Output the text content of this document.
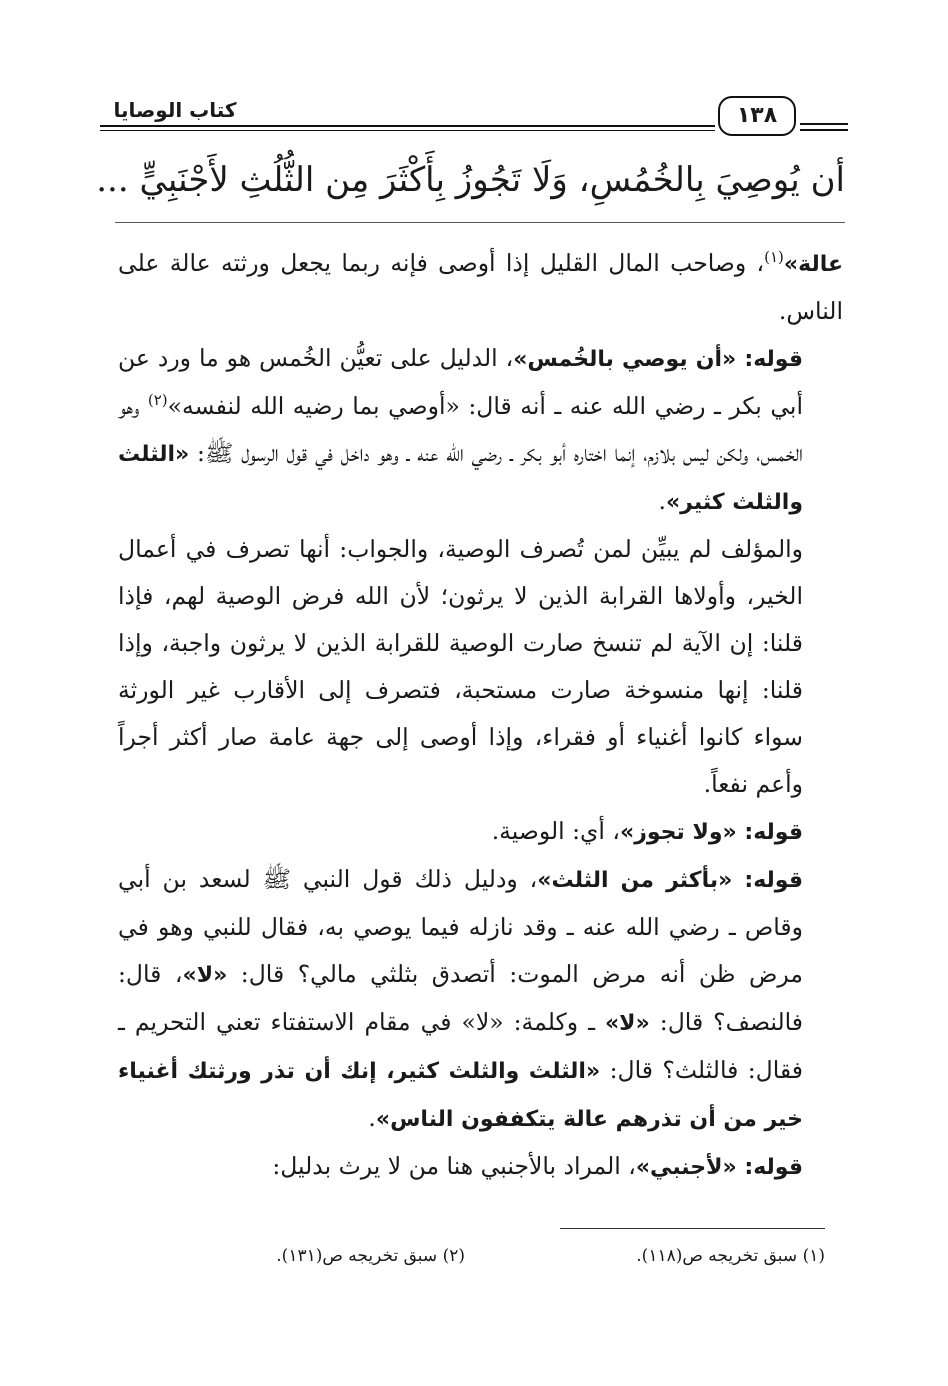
كتاب الوصايا	١٣٨
أن يُوصِيَ بِالخُمُسِ، وَلَا تَجُوزُ بِأَكْثَرَ مِن الثُّلُثِ لأَجْنَبِيٍّ ...

عالة»$^{(١)}$، وصاحب المال القليل إذا أوصى فإنه ربما يجعل ورثته عالة على الناس.

قوله: «أن يوصي بالخُمس»، الدليل على تعيُّن الخُمس هو ما ورد عن أبي بكر ـ رضي الله عنه ـ أنه قال: «أوصي بما رضيه الله لنفسه»$^{(٢)}$ وهو الخمس، ولكن ليس بلازم، إنما اختاره أبو بكر ـ رضي الله عنه ـ وهو داخل في قول الرسول ﷺ: «الثلث والثلث كثير».

والمؤلف لم يبيِّن لمن تُصرف الوصية، والجواب: أنها تصرف في أعمال الخير، وأولاها القرابة الذين لا يرثون؛ لأن الله فرض الوصية لهم، فإذا قلنا: إن الآية لم تنسخ صارت الوصية للقرابة الذين لا يرثون واجبة، وإذا قلنا: إنها منسوخة صارت مستحبة، فتصرف إلى الأقارب غير الورثة سواء كانوا أغنياء أو فقراء، وإذا أوصى إلى جهة عامة صار أكثر أجراً وأعم نفعاً.

قوله: «ولا تجوز»، أي: الوصية.

قوله: «بأكثر من الثلث»، ودليل ذلك قول النبي ﷺ لسعد بن أبي وقاص ـ رضي الله عنه ـ وقد نازله فيما يوصي به، فقال للنبي وهو في مرض ظن أنه مرض الموت: أتصدق بثلثي مالي؟ قال: «لا»، قال: فالنصف؟ قال: «لا» ـ وكلمة: «لا» في مقام الاستفتاء تعني التحريم ـ فقال: فالثلث؟ قال: «الثلث والثلث كثير، إنك أن تذر ورثتك أغنياء خير من أن تذرهم عالة يتكففون الناس».

قوله: «لأجنبي»، المراد بالأجنبي هنا من لا يرث بدليل:

(١) سبق تخريجه ص(١١٨).
(٢) سبق تخريجه ص(١٣١).
